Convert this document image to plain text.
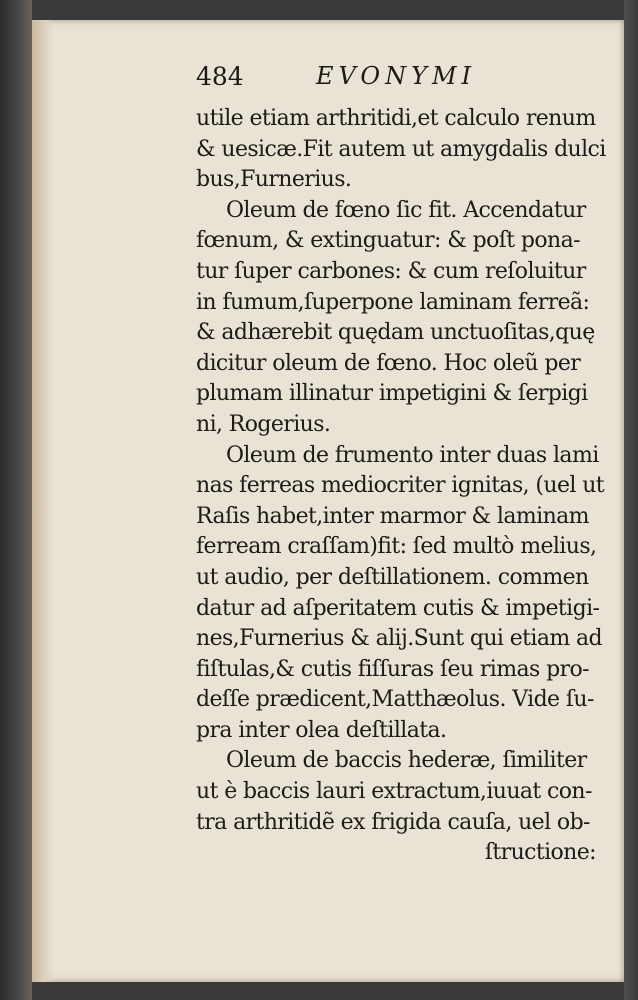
484	EVONYMI
utile etiam arthritidi,et calculo renum
& uesicæ.Fit autem ut amygdalis dulci
bus,Furnerius.
Oleum de fœno ſic fit. Accendatur
fœnum, & extinguatur: & poſt pona-
tur ſuper carbones: & cum reſoluitur
in fumum,ſuperpone laminam ferreã:
& adhærebit quędam unctuoſitas,quę
dicitur oleum de fœno. Hoc oleũ per
plumam illinatur impetigini & ſerpigi
ni, Rogerius.
Oleum de frumento inter duas lami
nas ferreas mediocriter ignitas, (uel ut
Raſis habet,inter marmor & laminam
ferream craſſam)fit: ſed multò melius,
ut audio, per deſtillationem. commen
datur ad aſperitatem cutis & impetigi-
nes,Furnerius & alij.Sunt qui etiam ad
fiſtulas,& cutis fiſſuras ſeu rimas pro-
deſſe prædicent,Matthæolus. Vide ſu-
pra inter olea deſtillata.
Oleum de baccis hederæ, ſimiliter
ut è baccis lauri extractum,iuuat con-
tra arthritidẽ ex frigida cauſa, uel ob-
ſtructione:
